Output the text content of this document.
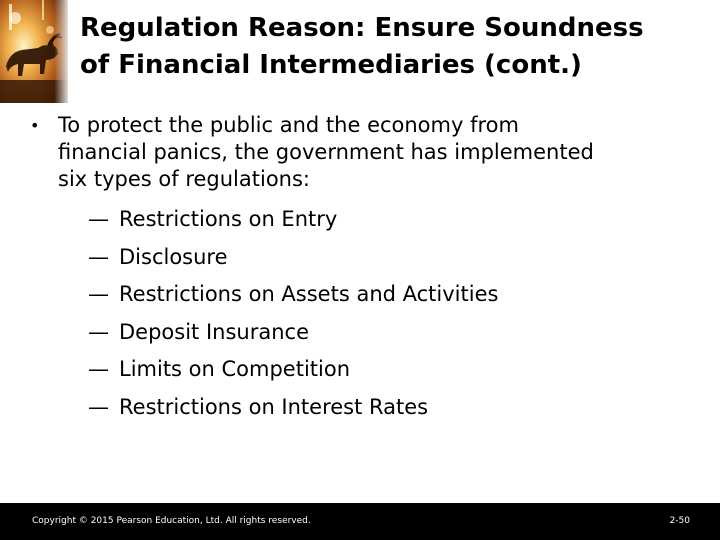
Regulation Reason: Ensure Soundness
of Financial Intermediaries (cont.)
• To protect the public and the economy from
financial panics, the government has implemented
six types of regulations:
— Restrictions on Entry
— Disclosure
— Restrictions on Assets and Activities
— Deposit Insurance
— Limits on Competition
— Restrictions on Interest Rates
Copyright © 2015 Pearson Education, Ltd. All rights reserved.	2-50
